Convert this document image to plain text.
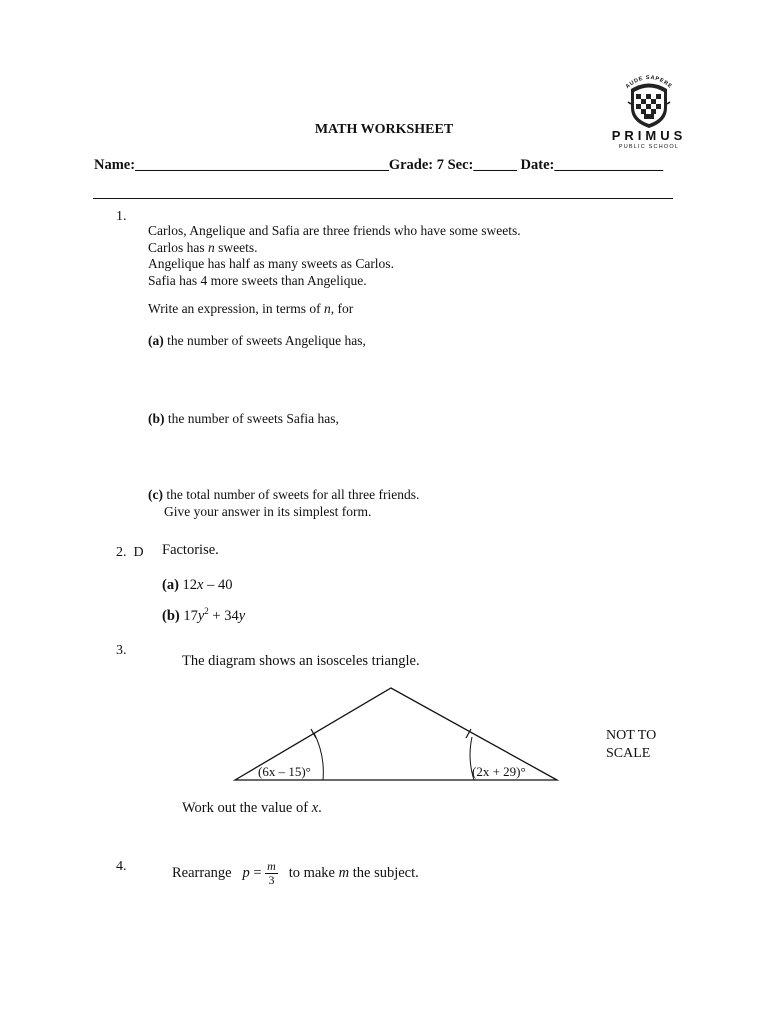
MATH WORKSHEET
AUDE SAPERE
PRIMUS
PUBLIC SCHOOL
Name:___________________________________Grade: 7 Sec:______ Date:_______________
1.

Carlos, Angelique and Safia are three friends who have some sweets.

Carlos has n sweets.

Angelique has half as many sweets as Carlos.

Safia has 4 more sweets than Angelique.

Write an expression, in terms of n, for
(a) the number of sweets Angelique has,
(b) the number of sweets Safia has,

(c) the total number of sweets for all three friends.

Give your answer in its simplest form.

2. D Factorise.
(a) 12x – 40
(b) $17y^2 + 34y$
3.
The diagram shows an isosceles triangle.
(6x – 15)°	(2x + 29)°
NOT TO
SCALE
Work out the value of x.
4.	Rearrange $p = \frac{m}{3}$ to make m the subject.
